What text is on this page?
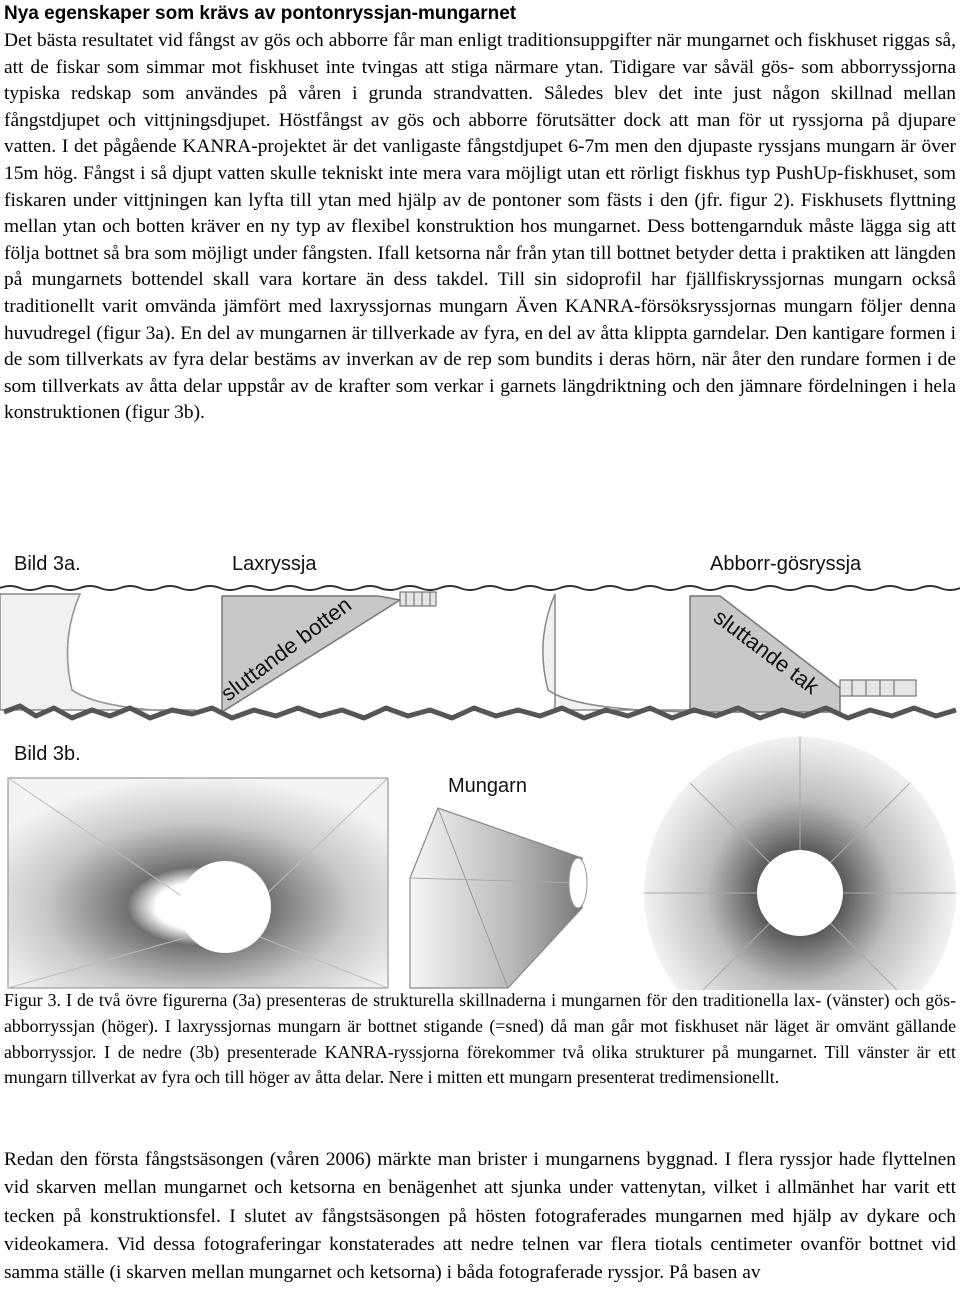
Nya egenskaper som krävs av pontonryssjan-mungarnet

Det bästa resultatet vid fångst av gös och abborre får man enligt traditionsuppgifter när mungarnet och fiskhuset riggas så, att de fiskar som simmar mot fiskhuset inte tvingas att stiga närmare ytan. Tidigare var såväl gös- som abborryssjorna typiska redskap som användes på våren i grunda strandvatten. Således blev det inte just någon skillnad mellan fångstdjupet och vittjningsdjupet. Höstfångst av gös och abborre förutsätter dock att man för ut ryssjorna på djupare vatten. I det pågående KANRA-projektet är det vanligaste fångstdjupet 6-7m men den djupaste ryssjans mungarn är över 15m hög. Fångst i så djupt vatten skulle tekniskt inte mera vara möjligt utan ett rörligt fiskhus typ PushUp-fiskhuset, som fiskaren under vittjningen kan lyfta till ytan med hjälp av de pontoner som fästs i den (jfr. figur 2). Fiskhusets flyttning mellan ytan och botten kräver en ny typ av flexibel konstruktion hos mungarnet. Dess bottengarnduk måste lägga sig att följa bottnet så bra som möjligt under fångsten. Ifall ketsorna når från ytan till bottnet betyder detta i praktiken att längden på mungarnets bottendel skall vara kortare än dess takdel. Till sin sidoprofil har fjällfiskryssjornas mungarn också traditionellt varit omvända jämfört med laxryssjornas mungarn Även KANRA-försöksryssjornas mungarn följer denna huvudregel (figur 3a). En del av mungarnen är tillverkade av fyra, en del av åtta klippta garndelar. Den kantigare formen i de som tillverkats av fyra delar bestäms av inverkan av de rep som bundits i deras hörn, när åter den rundare formen i de som tillverkats av åtta delar uppstår av de krafter som verkar i garnets längdriktning och den jämnare fördelningen i hela konstruktionen (figur 3b).

Bild 3a.	Laxryssja	Abborr-gösryssja
sluttande botten	sluttande tak
Bild 3b.
Mungarn

Figur 3. I de två övre figurerna (3a) presenteras de strukturella skillnaderna i mungarnen för den traditionella lax- (vänster) och gös-abborryssjan (höger). I laxryssjornas mungarn är bottnet stigande (=sned) då man går mot fiskhuset när läget är omvänt gällande abborryssjor. I de nedre (3b) presenterade KANRA-ryssjorna förekommer två olika strukturer på mungarnet. Till vänster är ett mungarn tillverkat av fyra och till höger av åtta delar. Nere i mitten ett mungarn presenterat tredimensionellt.

Redan den första fångstsäsongen (våren 2006) märkte man brister i mungarnens byggnad. I flera ryssjor hade flyttelnen vid skarven mellan mungarnet och ketsorna en benägenhet att sjunka under vattenytan, vilket i allmänhet har varit ett tecken på konstruktionsfel. I slutet av fångstsäsongen på hösten fotograferades mungarnen med hjälp av dykare och videokamera. Vid dessa fotograferingar konstaterades att nedre telnen var flera tiotals centimeter ovanför bottnet vid samma ställe (i skarven mellan mungarnet och ketsorna) i båda fotograferade ryssjor. På basen av
